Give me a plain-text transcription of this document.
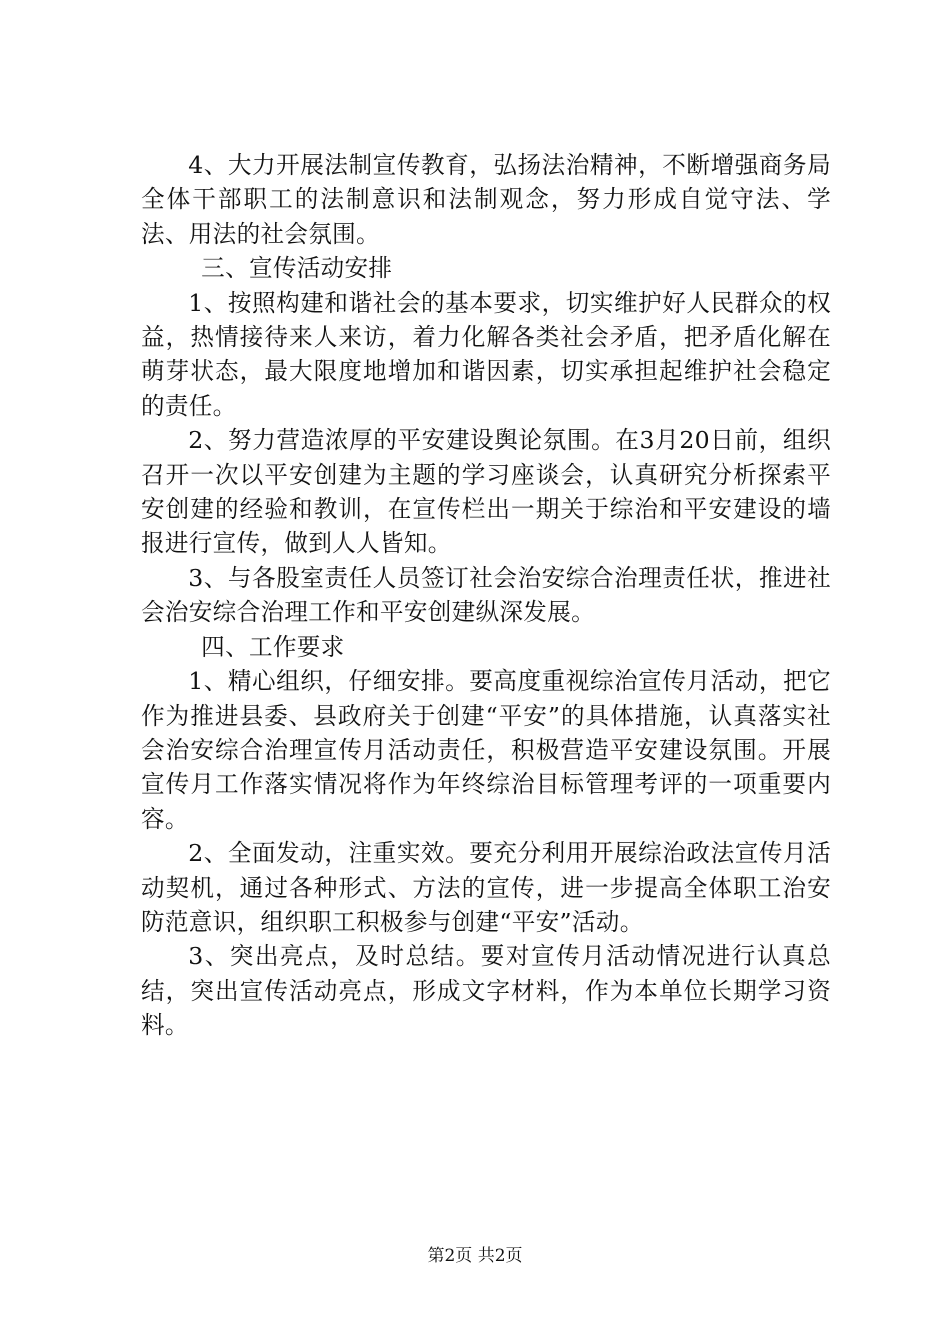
4、大力开展法制宣传教育，弘扬法治精神，不断增强商务局全体干部职工的法制意识和法制观念，努力形成自觉守法、学法、用法的社会氛围。

三、宣传活动安排

1、按照构建和谐社会的基本要求，切实维护好人民群众的权益，热情接待来人来访，着力化解各类社会矛盾，把矛盾化解在萌芽状态，最大限度地增加和谐因素，切实承担起维护社会稳定的责任。

2、努力营造浓厚的平安建设舆论氛围。在3月20日前，组织召开一次以平安创建为主题的学习座谈会，认真研究分析探索平安创建的经验和教训，在宣传栏出一期关于综治和平安建设的墙报进行宣传，做到人人皆知。

3、与各股室责任人员签订社会治安综合治理责任状，推进社会治安综合治理工作和平安创建纵深发展。

四、工作要求

1、精心组织，仔细安排。要高度重视综治宣传月活动，把它作为推进县委、县政府关于创建“平安”的具体措施，认真落实社会治安综合治理宣传月活动责任，积极营造平安建设氛围。开展宣传月工作落实情况将作为年终综治目标管理考评的一项重要内容。

2、全面发动，注重实效。要充分利用开展综治政法宣传月活动契机，通过各种形式、方法的宣传，进一步提高全体职工治安防范意识，组织职工积极参与创建“平安”活动。

3、突出亮点，及时总结。要对宣传月活动情况进行认真总结，突出宣传活动亮点，形成文字材料，作为本单位长期学习资料。

第2页 共2页
